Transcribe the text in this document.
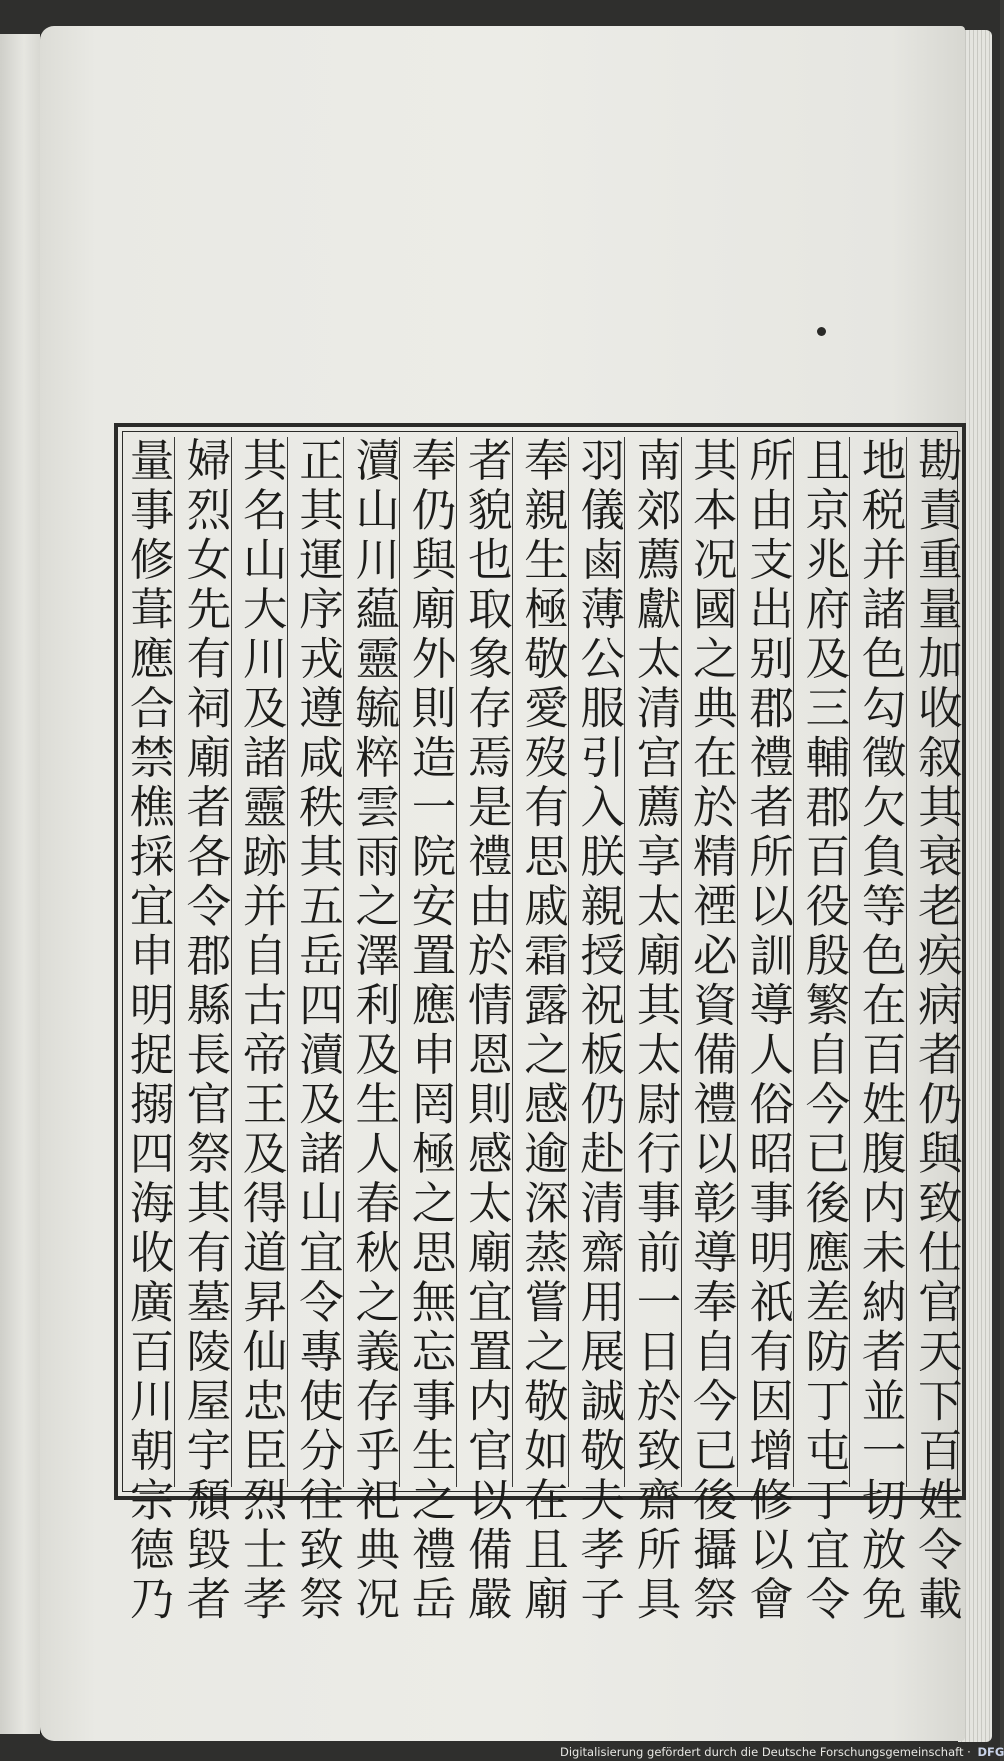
勘責重量加收叙其衰老疾病者仍與致仕官天下百姓令載
地税并諸色勾徵欠負等色在百姓腹内未納者並一切放免
且京兆府及三輔郡百役殷繁自今已後應差防丁屯丁宜令
所由支出别郡禮者所以訓導人俗昭事明祇有因增修以會
其本况國之典在於精禋必資備禮以彰導奉自今已後攝祭
南郊薦獻太清宫薦享太廟其太尉行事前一日於致齋所具
羽儀鹵薄公服引入朕親授祝板仍赴清齋用展誠敬夫孝子
奉親生極敬愛歿有思戚霜露之感逾深蒸嘗之敬如在且廟
者貌也取象存焉是禮由於情恩則感太廟宜置内官以備嚴
奉仍與廟外則造一院安置應申罔極之思無忘事生之禮岳
瀆山川藴靈毓粹雲雨之澤利及生人春秋之義存乎祀典况
正其運序戎遵咸秩其五岳四瀆及諸山宜令專使分往致祭
其名山大川及諸靈跡并自古帝王及得道昇仙忠臣烈士孝
婦烈女先有祠廟者各令郡縣長官祭其有墓陵屋宇頹毀者
量事修葺應合禁樵採宜申明捉搦四海收廣百川朝宗德乃
Digitalisierung gefördert durch die Deutsche Forschungsgemeinschaft · DFG
